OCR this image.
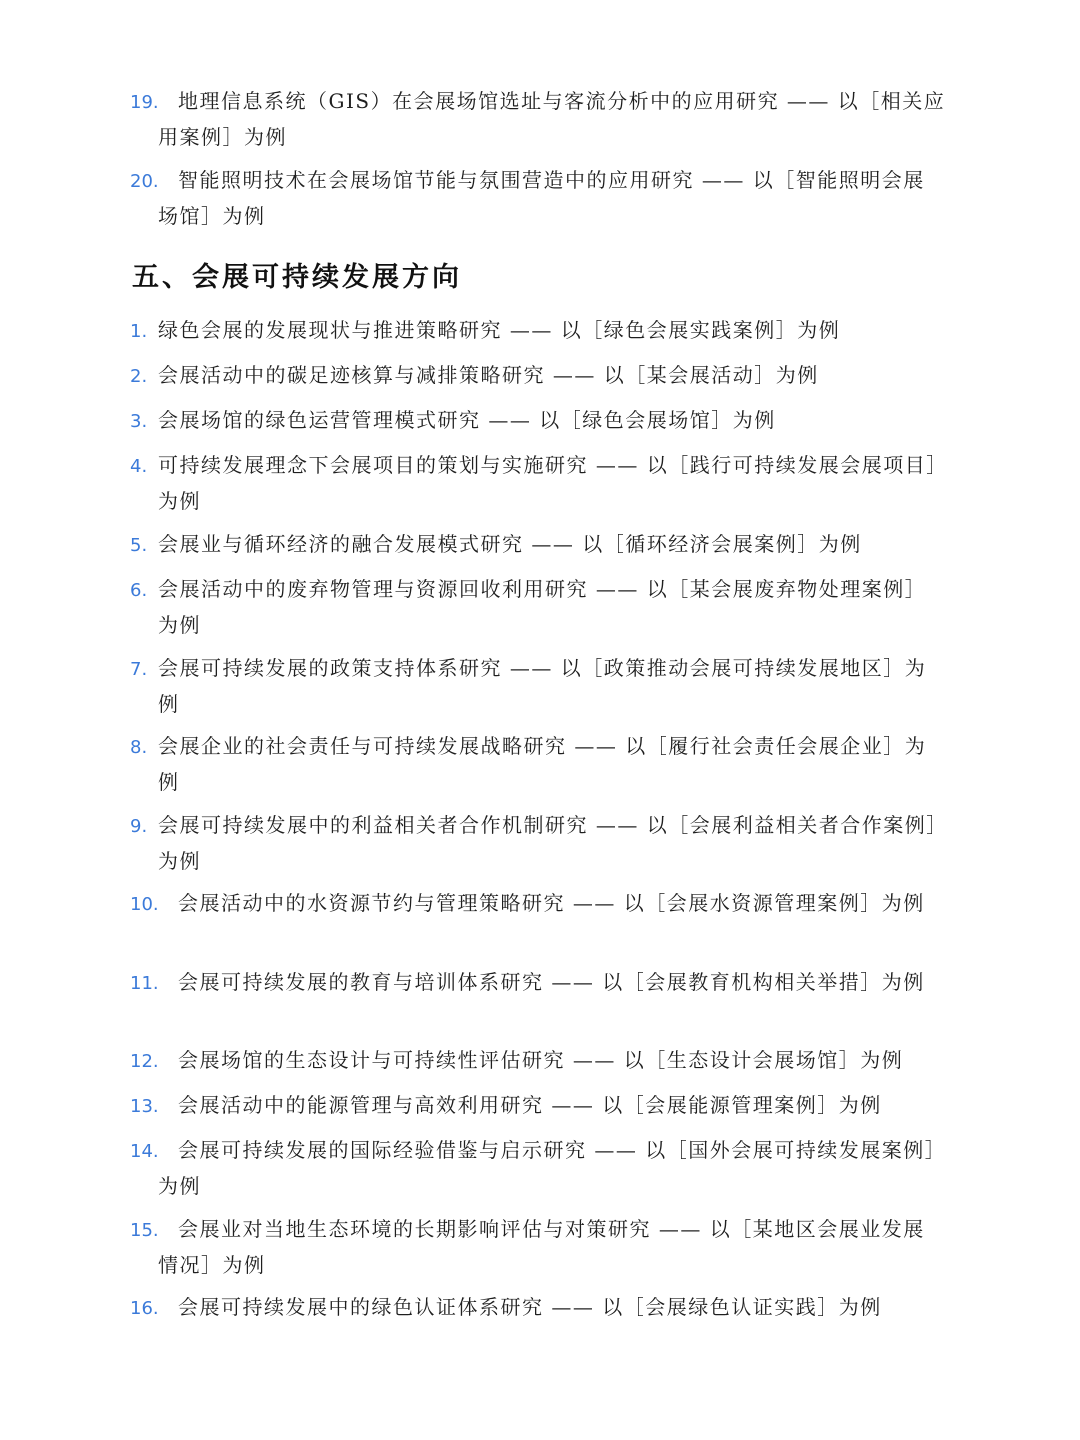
19. 地理信息系统（GIS）在会展场馆选址与客流分析中的应用研究 —— 以［相关应
用案例］为例

20. 智能照明技术在会展场馆节能与氛围营造中的应用研究 —— 以［智能照明会展
场馆］为例

五、会展可持续发展方向

1. 绿色会展的发展现状与推进策略研究 —— 以［绿色会展实践案例］为例

2. 会展活动中的碳足迹核算与减排策略研究 —— 以［某会展活动］为例

3. 会展场馆的绿色运营管理模式研究 —— 以［绿色会展场馆］为例

4. 可持续发展理念下会展项目的策划与实施研究 —— 以［践行可持续发展会展项目］
为例

5. 会展业与循环经济的融合发展模式研究 —— 以［循环经济会展案例］为例

6. 会展活动中的废弃物管理与资源回收利用研究 —— 以［某会展废弃物处理案例］
为例

7. 会展可持续发展的政策支持体系研究 —— 以［政策推动会展可持续发展地区］为
例

8. 会展企业的社会责任与可持续发展战略研究 —— 以［履行社会责任会展企业］为
例

9. 会展可持续发展中的利益相关者合作机制研究 —— 以［会展利益相关者合作案例］
为例

10. 会展活动中的水资源节约与管理策略研究 —— 以［会展水资源管理案例］为例

11. 会展可持续发展的教育与培训体系研究 —— 以［会展教育机构相关举措］为例

12. 会展场馆的生态设计与可持续性评估研究 —— 以［生态设计会展场馆］为例

13. 会展活动中的能源管理与高效利用研究 —— 以［会展能源管理案例］为例

14. 会展可持续发展的国际经验借鉴与启示研究 —— 以［国外会展可持续发展案例］
为例

15. 会展业对当地生态环境的长期影响评估与对策研究 —— 以［某地区会展业发展
情况］为例

16. 会展可持续发展中的绿色认证体系研究 —— 以［会展绿色认证实践］为例
